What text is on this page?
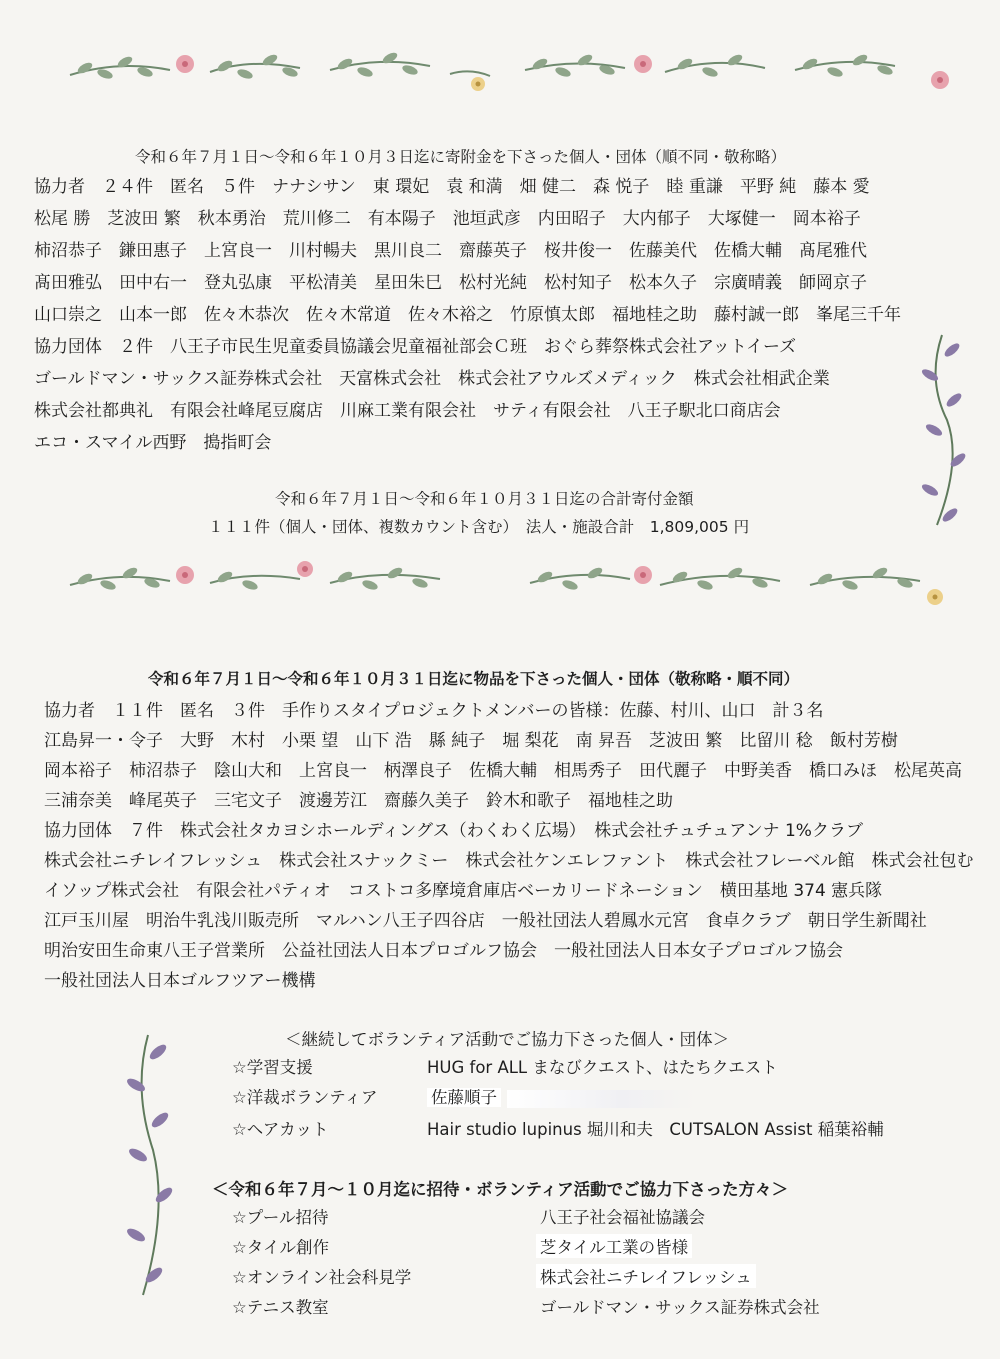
令和６年７月１日～令和６年１０月３日迄に寄附金を下さった個人・団体（順不同・敬称略）
協力者　２４件　匿名　５件　ナナシサン　東 環妃　袁 和満　畑 健二　森 悦子　睦 重謙　平野 純　藤本 愛
松尾 勝　芝波田 繁　秋本勇治　荒川修二　有本陽子　池垣武彦　内田昭子　大内郁子　大塚健一　岡本裕子
柿沼恭子　鎌田惠子　上宮良一　川村暢夫　黒川良二　齋藤英子　桜井俊一　佐藤美代　佐橋大輔　髙尾雅代
髙田雅弘　田中右一　登丸弘康　平松清美　星田朱巳　松村光純　松村知子　松本久子　宗廣晴義　師岡京子
山口崇之　山本一郎　佐々木恭次　佐々木常道　佐々木裕之　竹原慎太郎　福地桂之助　藤村誠一郎　峯尾三千年
協力団体　２件　八王子市民生児童委員協議会児童福祉部会Ｃ班　おぐら葬祭株式会社アットイーズ
ゴールドマン・サックス証券株式会社　天富株式会社　株式会社アウルズメディック　株式会社相武企業
株式会社都典礼　有限会社峰尾豆腐店　川麻工業有限会社　サティ有限会社　八王子駅北口商店会
エコ・スマイル西野　搗指町会
令和６年７月１日～令和６年１０月３１日迄の合計寄付金額
１１１件（個人・団体、複数カウント含む）　法人・施設合計　1,809,005 円
令和６年７月１日～令和６年１０月３１日迄に物品を下さった個人・団体（敬称略・順不同）
協力者　１１件　匿名　３件　手作りスタイプロジェクトメンバーの皆様：佐藤、村川、山口　計３名
江島昇一・令子　大野　木村　小栗 望　山下 浩　縣 純子　堀 梨花　南 昇吾　芝波田 繁　比留川 稔　飯村芳樹
岡本裕子　柿沼恭子　陰山大和　上宮良一　柄澤良子　佐橋大輔　相馬秀子　田代麗子　中野美香　橋口みほ　松尾英高
三浦奈美　峰尾英子　三宅文子　渡邊芳江　齋藤久美子　鈴木和歌子　福地桂之助
協力団体　７件　株式会社タカヨシホールディングス（わくわく広場）　株式会社チュチュアンナ 1%クラブ
株式会社ニチレイフレッシュ　株式会社スナックミー　株式会社ケンエレファント　株式会社フレーベル館　株式会社包む
イソップ株式会社　有限会社パティオ　コストコ多摩境倉庫店ベーカリードネーション　横田基地 374 憲兵隊
江戸玉川屋　明治牛乳浅川販売所　マルハン八王子四谷店　一般社団法人碧鳳水元宮　食卓クラブ　朝日学生新聞社
明治安田生命東八王子営業所　公益社団法人日本プロゴルフ協会　一般社団法人日本女子プロゴルフ協会
一般社団法人日本ゴルフツアー機構
＜継続してボランティア活動でご協力下さった個人・団体＞
☆学習支援	HUG for ALL まなびクエスト、はたちクエスト
☆洋裁ボランティア	佐藤順子
☆ヘアカット	Hair studio lupinus 堀川和夫　CUTSALON Assist 稲葉裕輔
＜令和６年７月～１０月迄に招待・ボランティア活動でご協力下さった方々＞
☆プール招待	八王子社会福祉協議会
☆タイル創作	芝タイル工業の皆様
☆オンライン社会科見学	株式会社ニチレイフレッシュ
☆テニス教室	ゴールドマン・サックス証券株式会社
